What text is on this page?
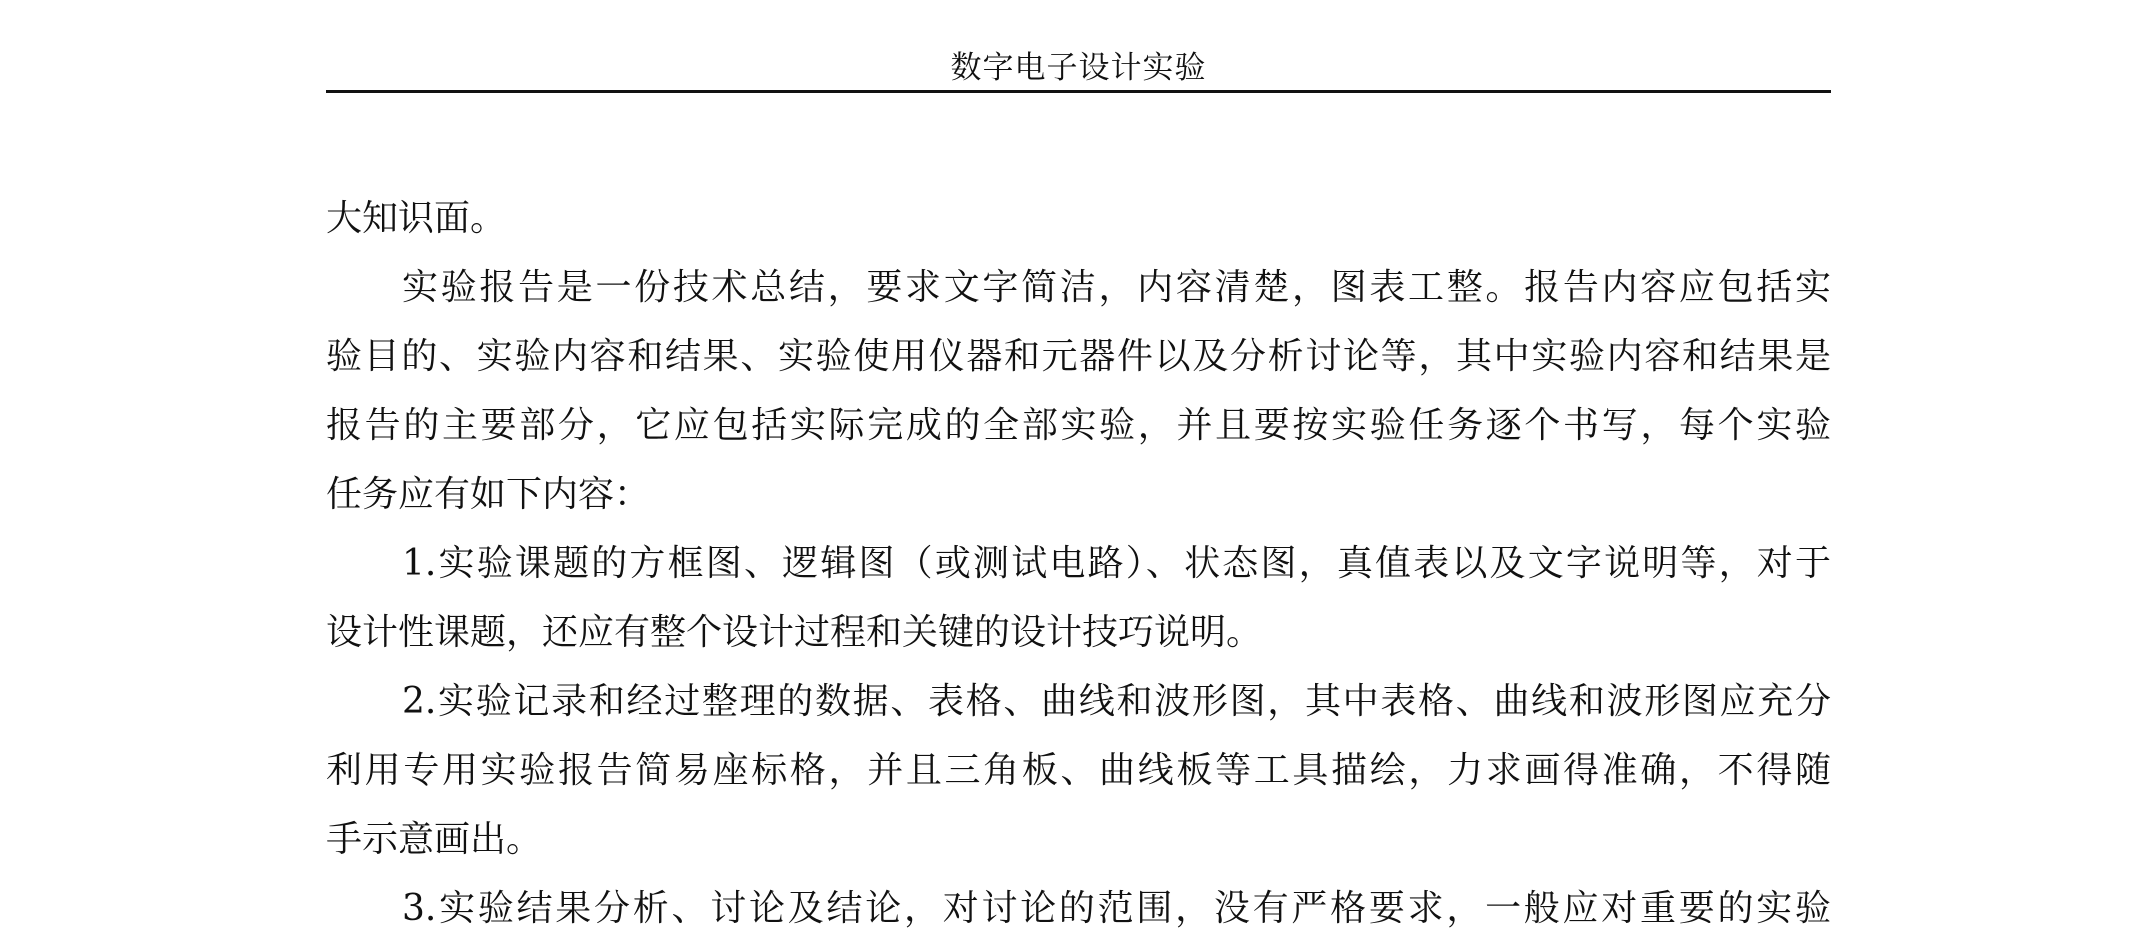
数字电子设计实验
大知识面。
实验报告是一份技术总结，要求文字简洁，内容清楚，图表工整。报告内容应包括实
验目的、实验内容和结果、实验使用仪器和元器件以及分析讨论等，其中实验内容和结果是
报告的主要部分，它应包括实际完成的全部实验，并且要按实验任务逐个书写，每个实验
任务应有如下内容：
1.实验课题的方框图、逻辑图（或测试电路）、状态图，真值表以及文字说明等，对于
设计性课题，还应有整个设计过程和关键的设计技巧说明。
2.实验记录和经过整理的数据、表格、曲线和波形图，其中表格、曲线和波形图应充分
利用专用实验报告简易座标格，并且三角板、曲线板等工具描绘，力求画得准确，不得随
手示意画出。
3.实验结果分析、讨论及结论，对讨论的范围，没有严格要求，一般应对重要的实验
